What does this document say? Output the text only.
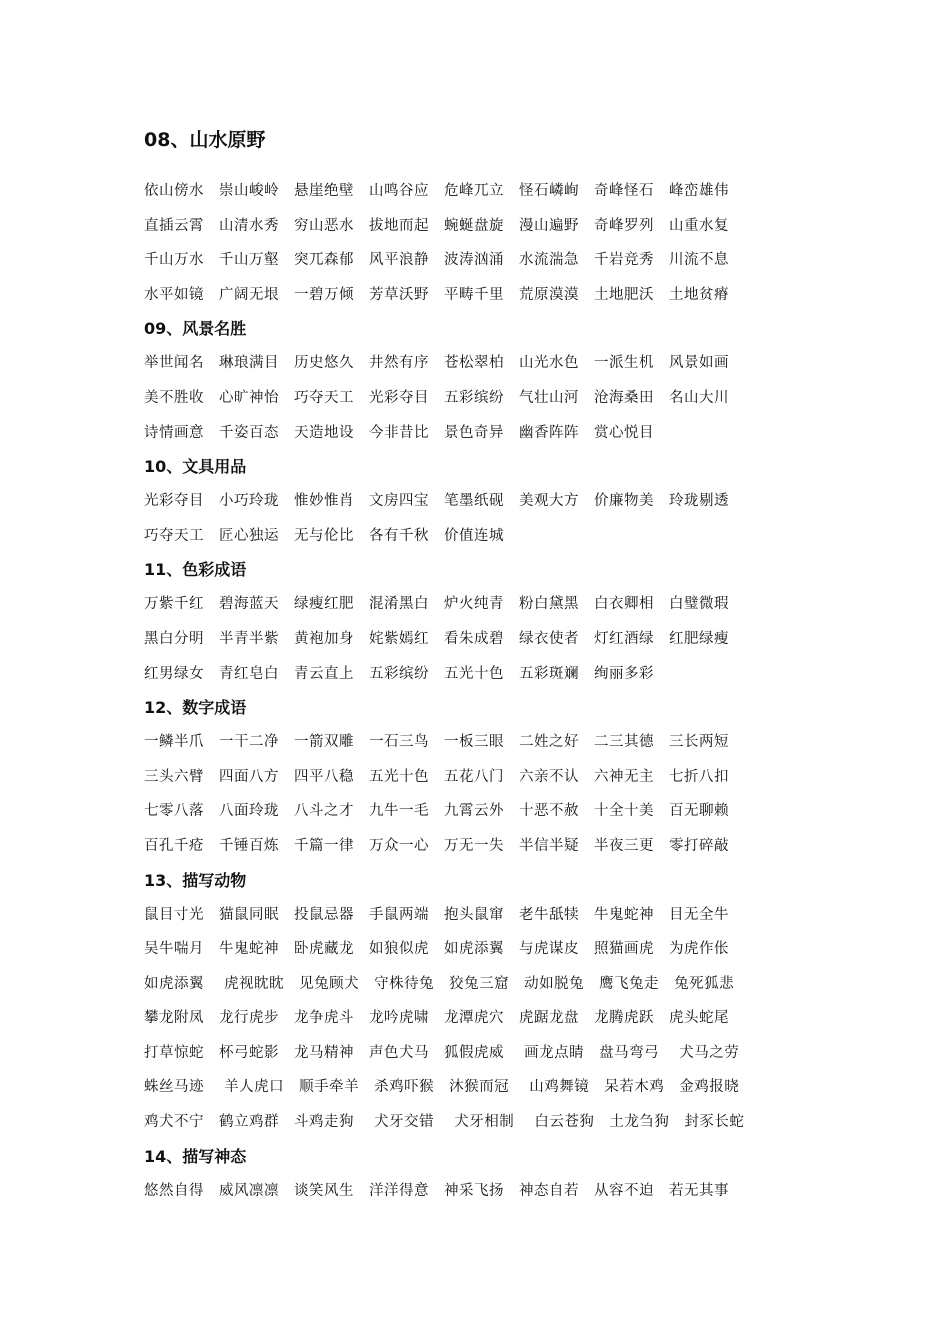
08、山水原野
依山傍水　崇山峻岭　悬崖绝壁　山鸣谷应　危峰兀立　怪石嶙峋　奇峰怪石　峰峦雄伟
直插云霄　山清水秀　穷山恶水　拔地而起　蜿蜒盘旋　漫山遍野　奇峰罗列　山重水复
千山万水　千山万壑　突兀森郁　风平浪静　波涛汹涌　水流湍急　千岩竞秀　川流不息
水平如镜　广阔无垠　一碧万倾　芳草沃野　平畴千里　荒原漠漠　土地肥沃　土地贫瘠
09、风景名胜
举世闻名　琳琅满目　历史悠久　井然有序　苍松翠柏　山光水色　一派生机　风景如画
美不胜收　心旷神怡　巧夺天工　光彩夺目　五彩缤纷　气壮山河　沧海桑田　名山大川
诗情画意　千姿百态　天造地设　今非昔比　景色奇异　幽香阵阵　赏心悦目
10、文具用品
光彩夺目　小巧玲珑　惟妙惟肖　文房四宝　笔墨纸砚　美观大方　价廉物美　玲珑剔透
巧夺天工　匠心独运　无与伦比　各有千秋　价值连城
11、色彩成语
万紫千红　碧海蓝天　绿瘦红肥　混淆黑白　炉火纯青　粉白黛黑　白衣卿相　白璧微瑕
黑白分明　半青半紫　黄袍加身　姹紫嫣红　看朱成碧　绿衣使者　灯红酒绿　红肥绿瘦
红男绿女　青红皂白　青云直上　五彩缤纷　五光十色　五彩斑斓　绚丽多彩
12、数字成语
一鳞半爪　一干二净　一箭双雕　一石三鸟　一板三眼　二姓之好　二三其德　三长两短
三头六臂　四面八方　四平八稳　五光十色　五花八门　六亲不认　六神无主　七折八扣
七零八落　八面玲珑　八斗之才　九牛一毛　九霄云外　十恶不赦　十全十美　百无聊赖
百孔千疮　千锤百炼　千篇一律　万众一心　万无一失　半信半疑　半夜三更　零打碎敲
13、描写动物
鼠目寸光　猫鼠同眠　投鼠忌器　手鼠两端　抱头鼠窜　老牛舐犊　牛鬼蛇神　目无全牛
吴牛喘月　牛鬼蛇神　卧虎藏龙　如狼似虎　如虎添翼　与虎谋皮　照猫画虎　为虎作伥
如虎添翼　 虎视眈眈　见兔顾犬　守株待兔　狡兔三窟　动如脱兔　鹰飞兔走　兔死狐悲
攀龙附凤　龙行虎步　龙争虎斗　龙吟虎啸　龙潭虎穴　虎踞龙盘　龙腾虎跃　虎头蛇尾
打草惊蛇　杯弓蛇影　龙马精神　声色犬马　狐假虎威　 画龙点睛　盘马弯弓　 犬马之劳
蛛丝马迹　 羊人虎口　顺手牵羊　杀鸡吓猴　沐猴而冠　 山鸡舞镜　呆若木鸡　金鸡报晓
鸡犬不宁　鹤立鸡群　斗鸡走狗　 犬牙交错　 犬牙相制　 白云苍狗　土龙刍狗　封豕长蛇
14、描写神态
悠然自得　威风凛凛　谈笑风生　洋洋得意　神采飞扬　神态自若　从容不迫　若无其事
